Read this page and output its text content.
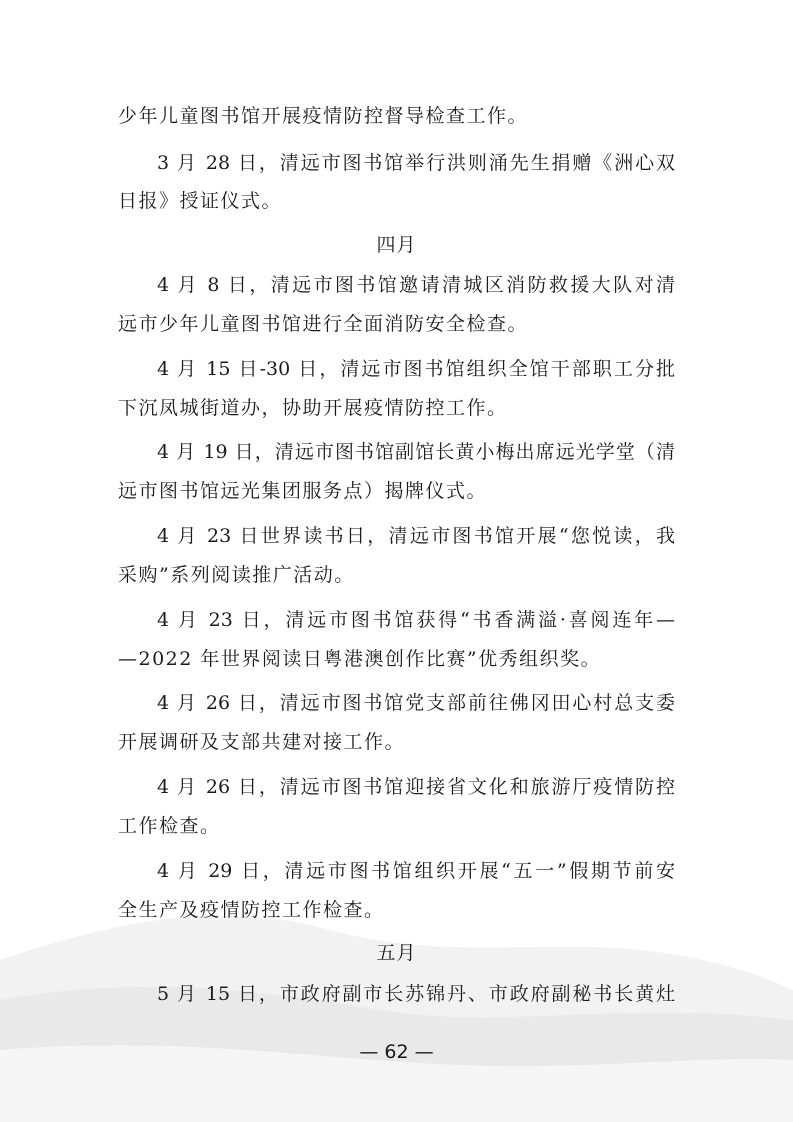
少年儿童图书馆开展疫情防控督导检查工作。
3 月 28 日，清远市图书馆举行洪则涌先生捐赠《洲心双
日报》授证仪式。
四月
4 月 8 日，清远市图书馆邀请清城区消防救援大队对清
远市少年儿童图书馆进行全面消防安全检查。
4 月 15 日-30 日，清远市图书馆组织全馆干部职工分批
下沉凤城街道办，协助开展疫情防控工作。
4 月 19 日，清远市图书馆副馆长黄小梅出席远光学堂（清
远市图书馆远光集团服务点）揭牌仪式。
4 月 23 日世界读书日，清远市图书馆开展“您悦读，我
采购”系列阅读推广活动。
4 月 23 日，清远市图书馆获得“书香满溢·喜阅连年—
—2022 年世界阅读日粤港澳创作比赛”优秀组织奖。
4 月 26 日，清远市图书馆党支部前往佛冈田心村总支委
开展调研及支部共建对接工作。
4 月 26 日，清远市图书馆迎接省文化和旅游厅疫情防控
工作检查。
4 月 29 日，清远市图书馆组织开展“五一”假期节前安
全生产及疫情防控工作检查。
五月
5 月 15 日，市政府副市长苏锦丹、市政府副秘书长黄灶
— 62 —
